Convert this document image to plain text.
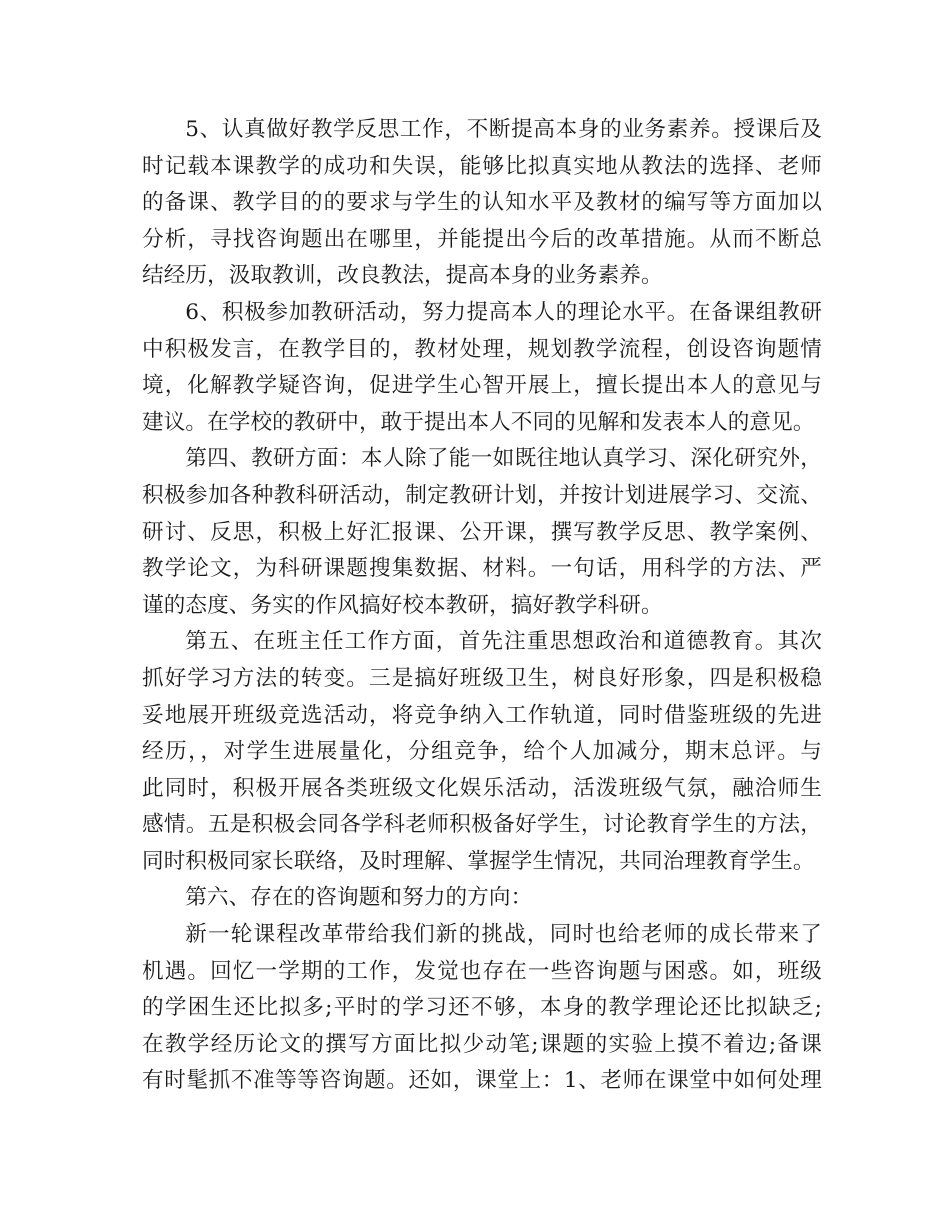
5、认真做好教学反思工作，不断提高本身的业务素养。授课后及
时记载本课教学的成功和失误，能够比拟真实地从教法的选择、老师
的备课、教学目的的要求与学生的认知水平及教材的编写等方面加以
分析，寻找咨询题出在哪里，并能提出今后的改革措施。从而不断总
结经历，汲取教训，改良教法，提高本身的业务素养。
6、积极参加教研活动，努力提高本人的理论水平。在备课组教研
中积极发言，在教学目的，教材处理，规划教学流程，创设咨询题情
境，化解教学疑咨询，促进学生心智开展上，擅长提出本人的意见与
建议。在学校的教研中，敢于提出本人不同的见解和发表本人的意见。
第四、教研方面：本人除了能一如既往地认真学习、深化研究外，
积极参加各种教科研活动，制定教研计划，并按计划进展学习、交流、
研讨、反思，积极上好汇报课、公开课，撰写教学反思、教学案例、
教学论文，为科研课题搜集数据、材料。一句话，用科学的方法、严
谨的态度、务实的作风搞好校本教研，搞好教学科研。
第五、在班主任工作方面，首先注重思想政治和道德教育。其次
抓好学习方法的转变。三是搞好班级卫生，树良好形象，四是积极稳
妥地展开班级竞选活动，将竞争纳入工作轨道，同时借鉴班级的先进
经历，，对学生进展量化，分组竞争，给个人加减分，期末总评。与
此同时，积极开展各类班级文化娱乐活动，活泼班级气氛，融洽师生
感情。五是积极会同各学科老师积极备好学生，讨论教育学生的方法，
同时积极同家长联络，及时理解、掌握学生情况，共同治理教育学生。
第六、存在的咨询题和努力的方向：
新一轮课程改革带给我们新的挑战，同时也给老师的成长带来了
机遇。回忆一学期的工作，发觉也存在一些咨询题与困惑。如，班级
的学困生还比拟多;平时的学习还不够，本身的教学理论还比拟缺乏;
在教学经历论文的撰写方面比拟少动笔;课题的实验上摸不着边;备课
有时髦抓不准等等咨询题。还如，课堂上：1、老师在课堂中如何处理
